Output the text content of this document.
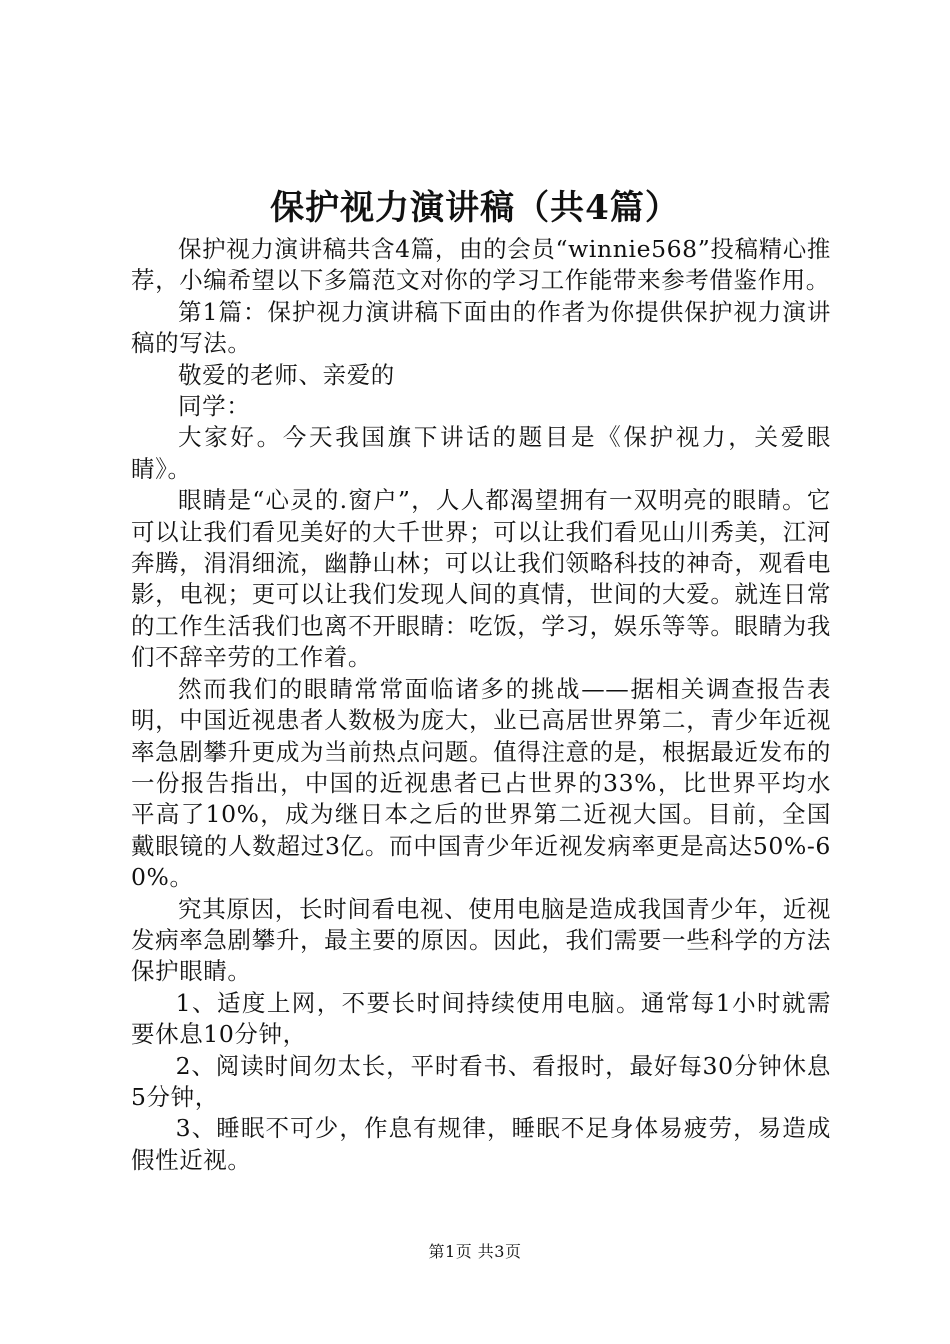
保护视力演讲稿（共4篇）

保护视力演讲稿共含4篇，由的会员“winnie568”投稿精心推荐，小编希望以下多篇范文对你的学习工作能带来参考借鉴作用。

第1篇：保护视力演讲稿下面由的作者为你提供保护视力演讲稿的写法。

敬爱的老师、亲爱的

同学：

大家好。今天我国旗下讲话的题目是《保护视力，关爱眼睛》。

眼睛是“心灵的.窗户”，人人都渴望拥有一双明亮的眼睛。它可以让我们看见美好的大千世界；可以让我们看见山川秀美，江河奔腾，涓涓细流，幽静山林；可以让我们领略科技的神奇，观看电影，电视；更可以让我们发现人间的真情，世间的大爱。就连日常的工作生活我们也离不开眼睛：吃饭，学习，娱乐等等。眼睛为我们不辞辛劳的工作着。

然而我们的眼睛常常面临诸多的挑战——据相关调查报告表明，中国近视患者人数极为庞大，业已高居世界第二，青少年近视率急剧攀升更成为当前热点问题。值得注意的是，根据最近发布的一份报告指出，中国的近视患者已占世界的33%，比世界平均水平高了10%，成为继日本之后的世界第二近视大国。目前，全国戴眼镜的人数超过3亿。而中国青少年近视发病率更是高达50%-60%。

究其原因，长时间看电视、使用电脑是造成我国青少年，近视发病率急剧攀升，最主要的原因。因此，我们需要一些科学的方法保护眼睛。

1、适度上网，不要长时间持续使用电脑。通常每1小时就需要休息10分钟，

2、阅读时间勿太长，平时看书、看报时，最好每30分钟休息5分钟，

3、睡眠不可少，作息有规律，睡眠不足身体易疲劳，易造成假性近视。

第1页 共3页
